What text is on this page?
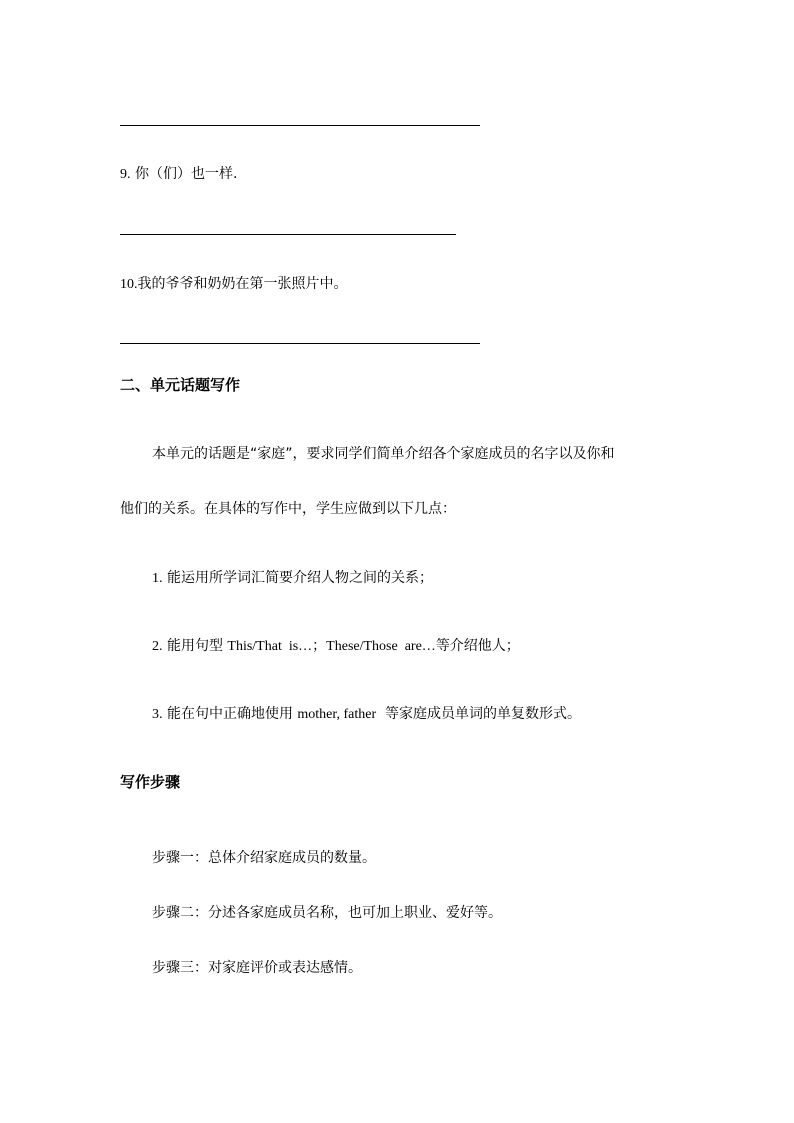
9. 你（们）也一样.
10.我的爷爷和奶奶在第一张照片中。
二、单元话题写作
本单元的话题是“家庭”，要求同学们简单介绍各个家庭成员的名字以及你和
他们的关系。在具体的写作中，学生应做到以下几点：
1. 能运用所学词汇简要介绍人物之间的关系；
2. 能用句型 This/That  is…；These/Those  are…等介绍他人；
3. 能在句中正确地使用 mother, father  等家庭成员单词的单复数形式。
写作步骤
步骤一：总体介绍家庭成员的数量。
步骤二：分述各家庭成员名称，也可加上职业、爱好等。
步骤三：对家庭评价或表达感情。
